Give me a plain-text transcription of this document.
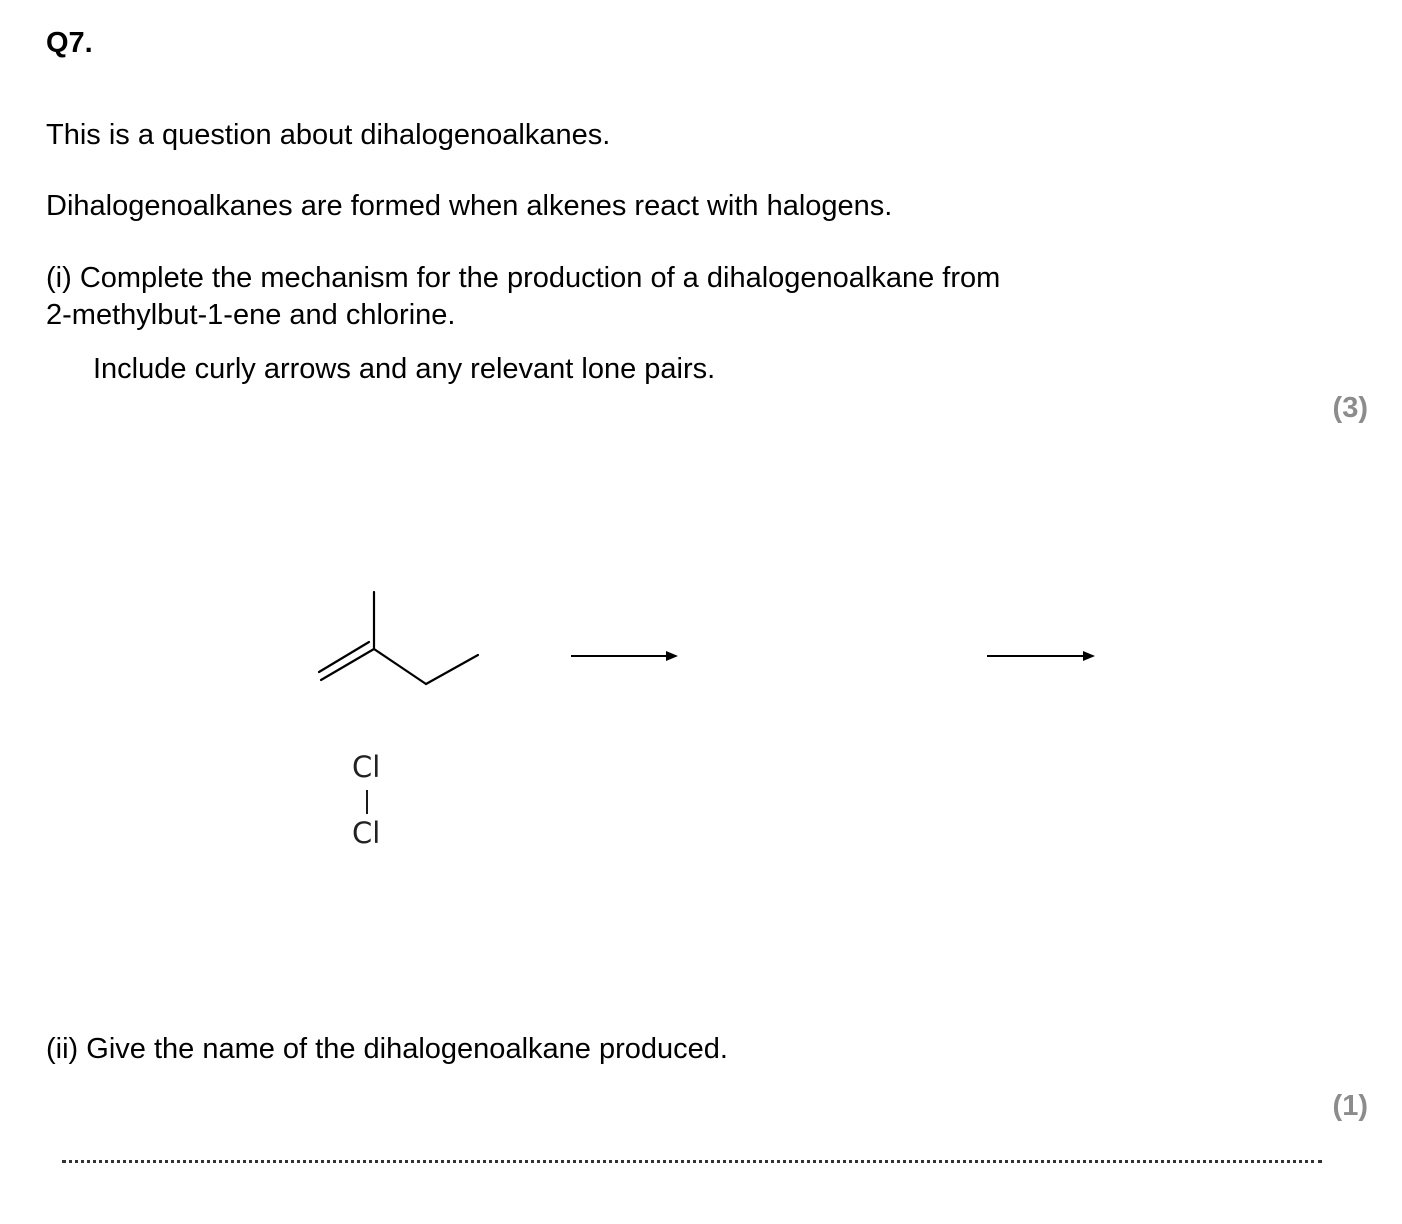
Q7.
This is a question about dihalogenoalkanes.
Dihalogenoalkanes are formed when alkenes react with halogens.
(i) Complete the mechanism for the production of a dihalogenoalkane from
2-methylbut-1-ene and chlorine.
Include curly arrows and any relevant lone pairs.
(3)
Cl
Cl
(ii) Give the name of the dihalogenoalkane produced.
(1)
